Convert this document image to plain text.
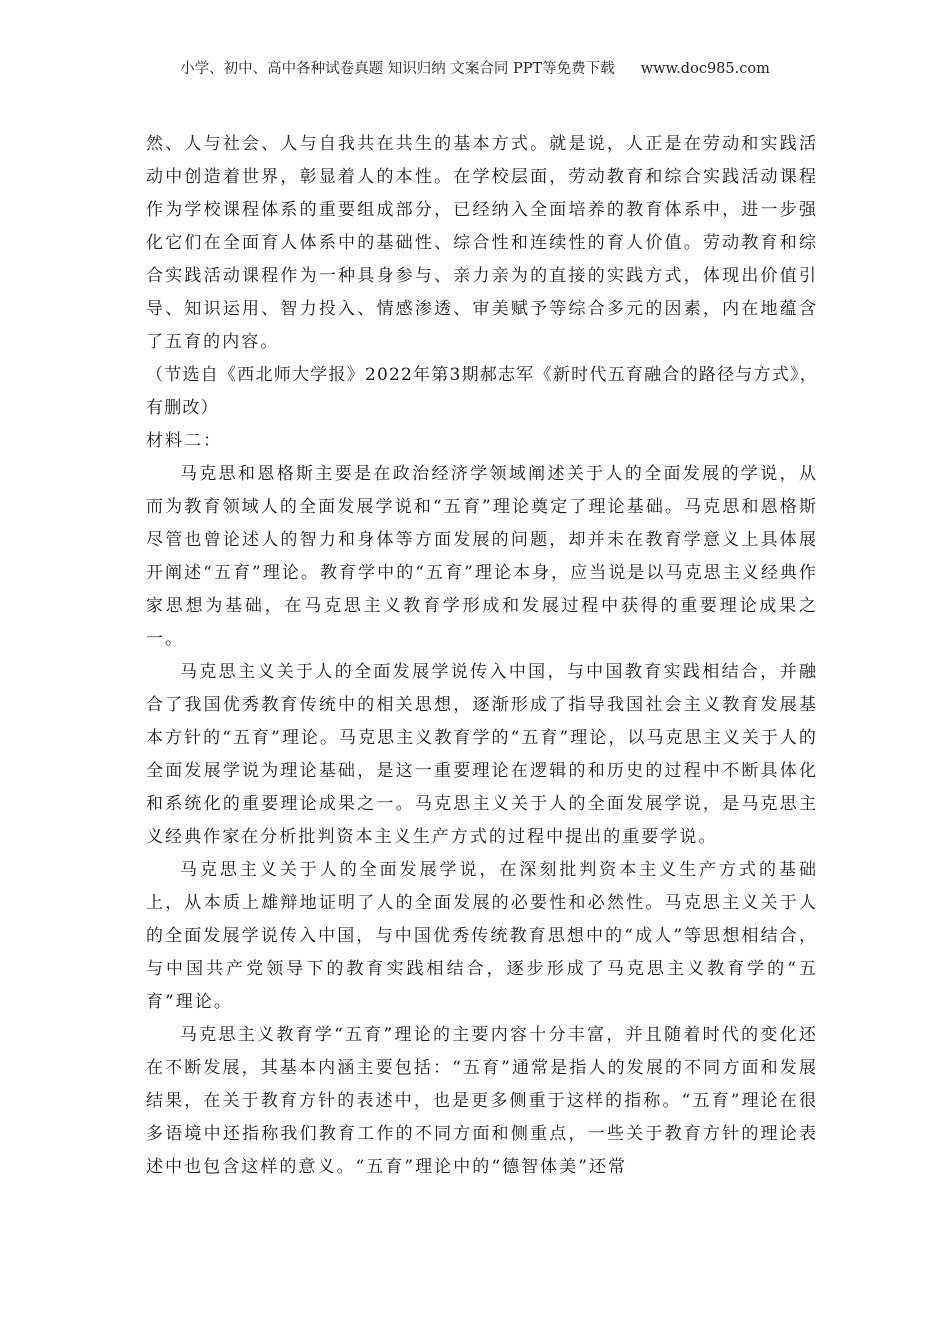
小学、初中、高中各种试卷真题 知识归纳 文案合同 PPT等免费下载 www.doc985.com

然、人与社会、人与自我共在共生的基本方式。就是说，人正是在劳动和实践活动中创造着世界，彰显着人的本性。在学校层面，劳动教育和综合实践活动课程作为学校课程体系的重要组成部分，已经纳入全面培养的教育体系中，进一步强化它们在全面育人体系中的基础性、综合性和连续性的育人价值。劳动教育和综合实践活动课程作为一种具身参与、亲力亲为的直接的实践方式，体现出价值引导、知识运用、智力投入、情感渗透、审美赋予等综合多元的因素，内在地蕴含了五育的内容。

（节选自《西北师大学报》2022年第3期郝志军《新时代五育融合的路径与方式》，有删改）

材料二：

马克思和恩格斯主要是在政治经济学领域阐述关于人的全面发展的学说，从而为教育领域人的全面发展学说和“五育”理论奠定了理论基础。马克思和恩格斯尽管也曾论述人的智力和身体等方面发展的问题，却并未在教育学意义上具体展开阐述“五育”理论。教育学中的“五育”理论本身，应当说是以马克思主义经典作家思想为基础，在马克思主义教育学形成和发展过程中获得的重要理论成果之一。

马克思主义关于人的全面发展学说传入中国，与中国教育实践相结合，并融合了我国优秀教育传统中的相关思想，逐渐形成了指导我国社会主义教育发展基本方针的“五育”理论。马克思主义教育学的“五育”理论，以马克思主义关于人的全面发展学说为理论基础，是这一重要理论在逻辑的和历史的过程中不断具体化和系统化的重要理论成果之一。马克思主义关于人的全面发展学说，是马克思主义经典作家在分析批判资本主义生产方式的过程中提出的重要学说。

马克思主义关于人的全面发展学说，在深刻批判资本主义生产方式的基础上，从本质上雄辩地证明了人的全面发展的必要性和必然性。马克思主义关于人的全面发展学说传入中国，与中国优秀传统教育思想中的“成人”等思想相结合，与中国共产党领导下的教育实践相结合，逐步形成了马克思主义教育学的“五育”理论。

马克思主义教育学“五育”理论的主要内容十分丰富，并且随着时代的变化还在不断发展，其基本内涵主要包括：“五育”通常是指人的发展的不同方面和发展结果，在关于教育方针的表述中，也是更多侧重于这样的指称。“五育”理论在很多语境中还指称我们教育工作的不同方面和侧重点，一些关于教育方针的理论表述中也包含这样的意义。“五育”理论中的“德智体美”还常
